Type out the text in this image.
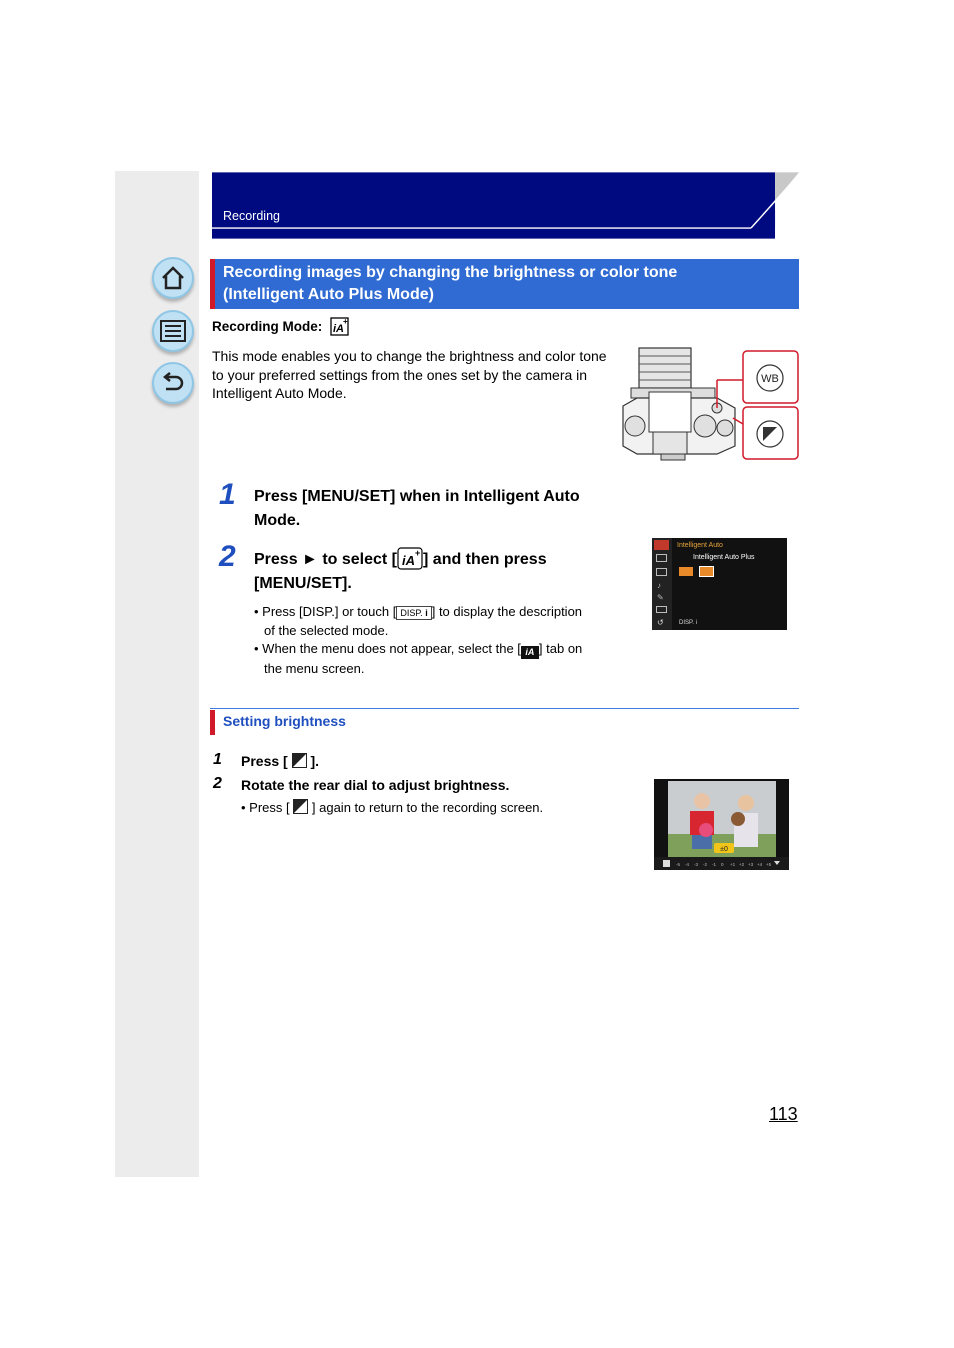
Recording
Recording images by changing the brightness or color tone
(Intelligent Auto Plus Mode)
Recording Mode: iA
+
This mode enables you to change the brightness and color tone to your preferred settings from the ones set by the camera in Intelligent Auto Mode.
WB
1 Press [MENU/SET] when in Intelligent Auto
Mode.
2 Press ► to select [ iA + ] and then press
[MENU/SET].
• Press [DISP.] or touch [ DISP. i ] to display the description
of the selected mode.
• When the menu does not appear, select the [ iA ] tab on
the menu screen.
♪
✎
↺
Intelligent Auto
Intelligent Auto Plus
DISP. i
Setting brightness
1 Press [ ].
2 Rotate the rear dial to adjust brightness.
• Press [ ] again to return to the recording screen.
±0
-5 -4 -3 -2 -1 0 +1 +2 +3 +4 +5
113
